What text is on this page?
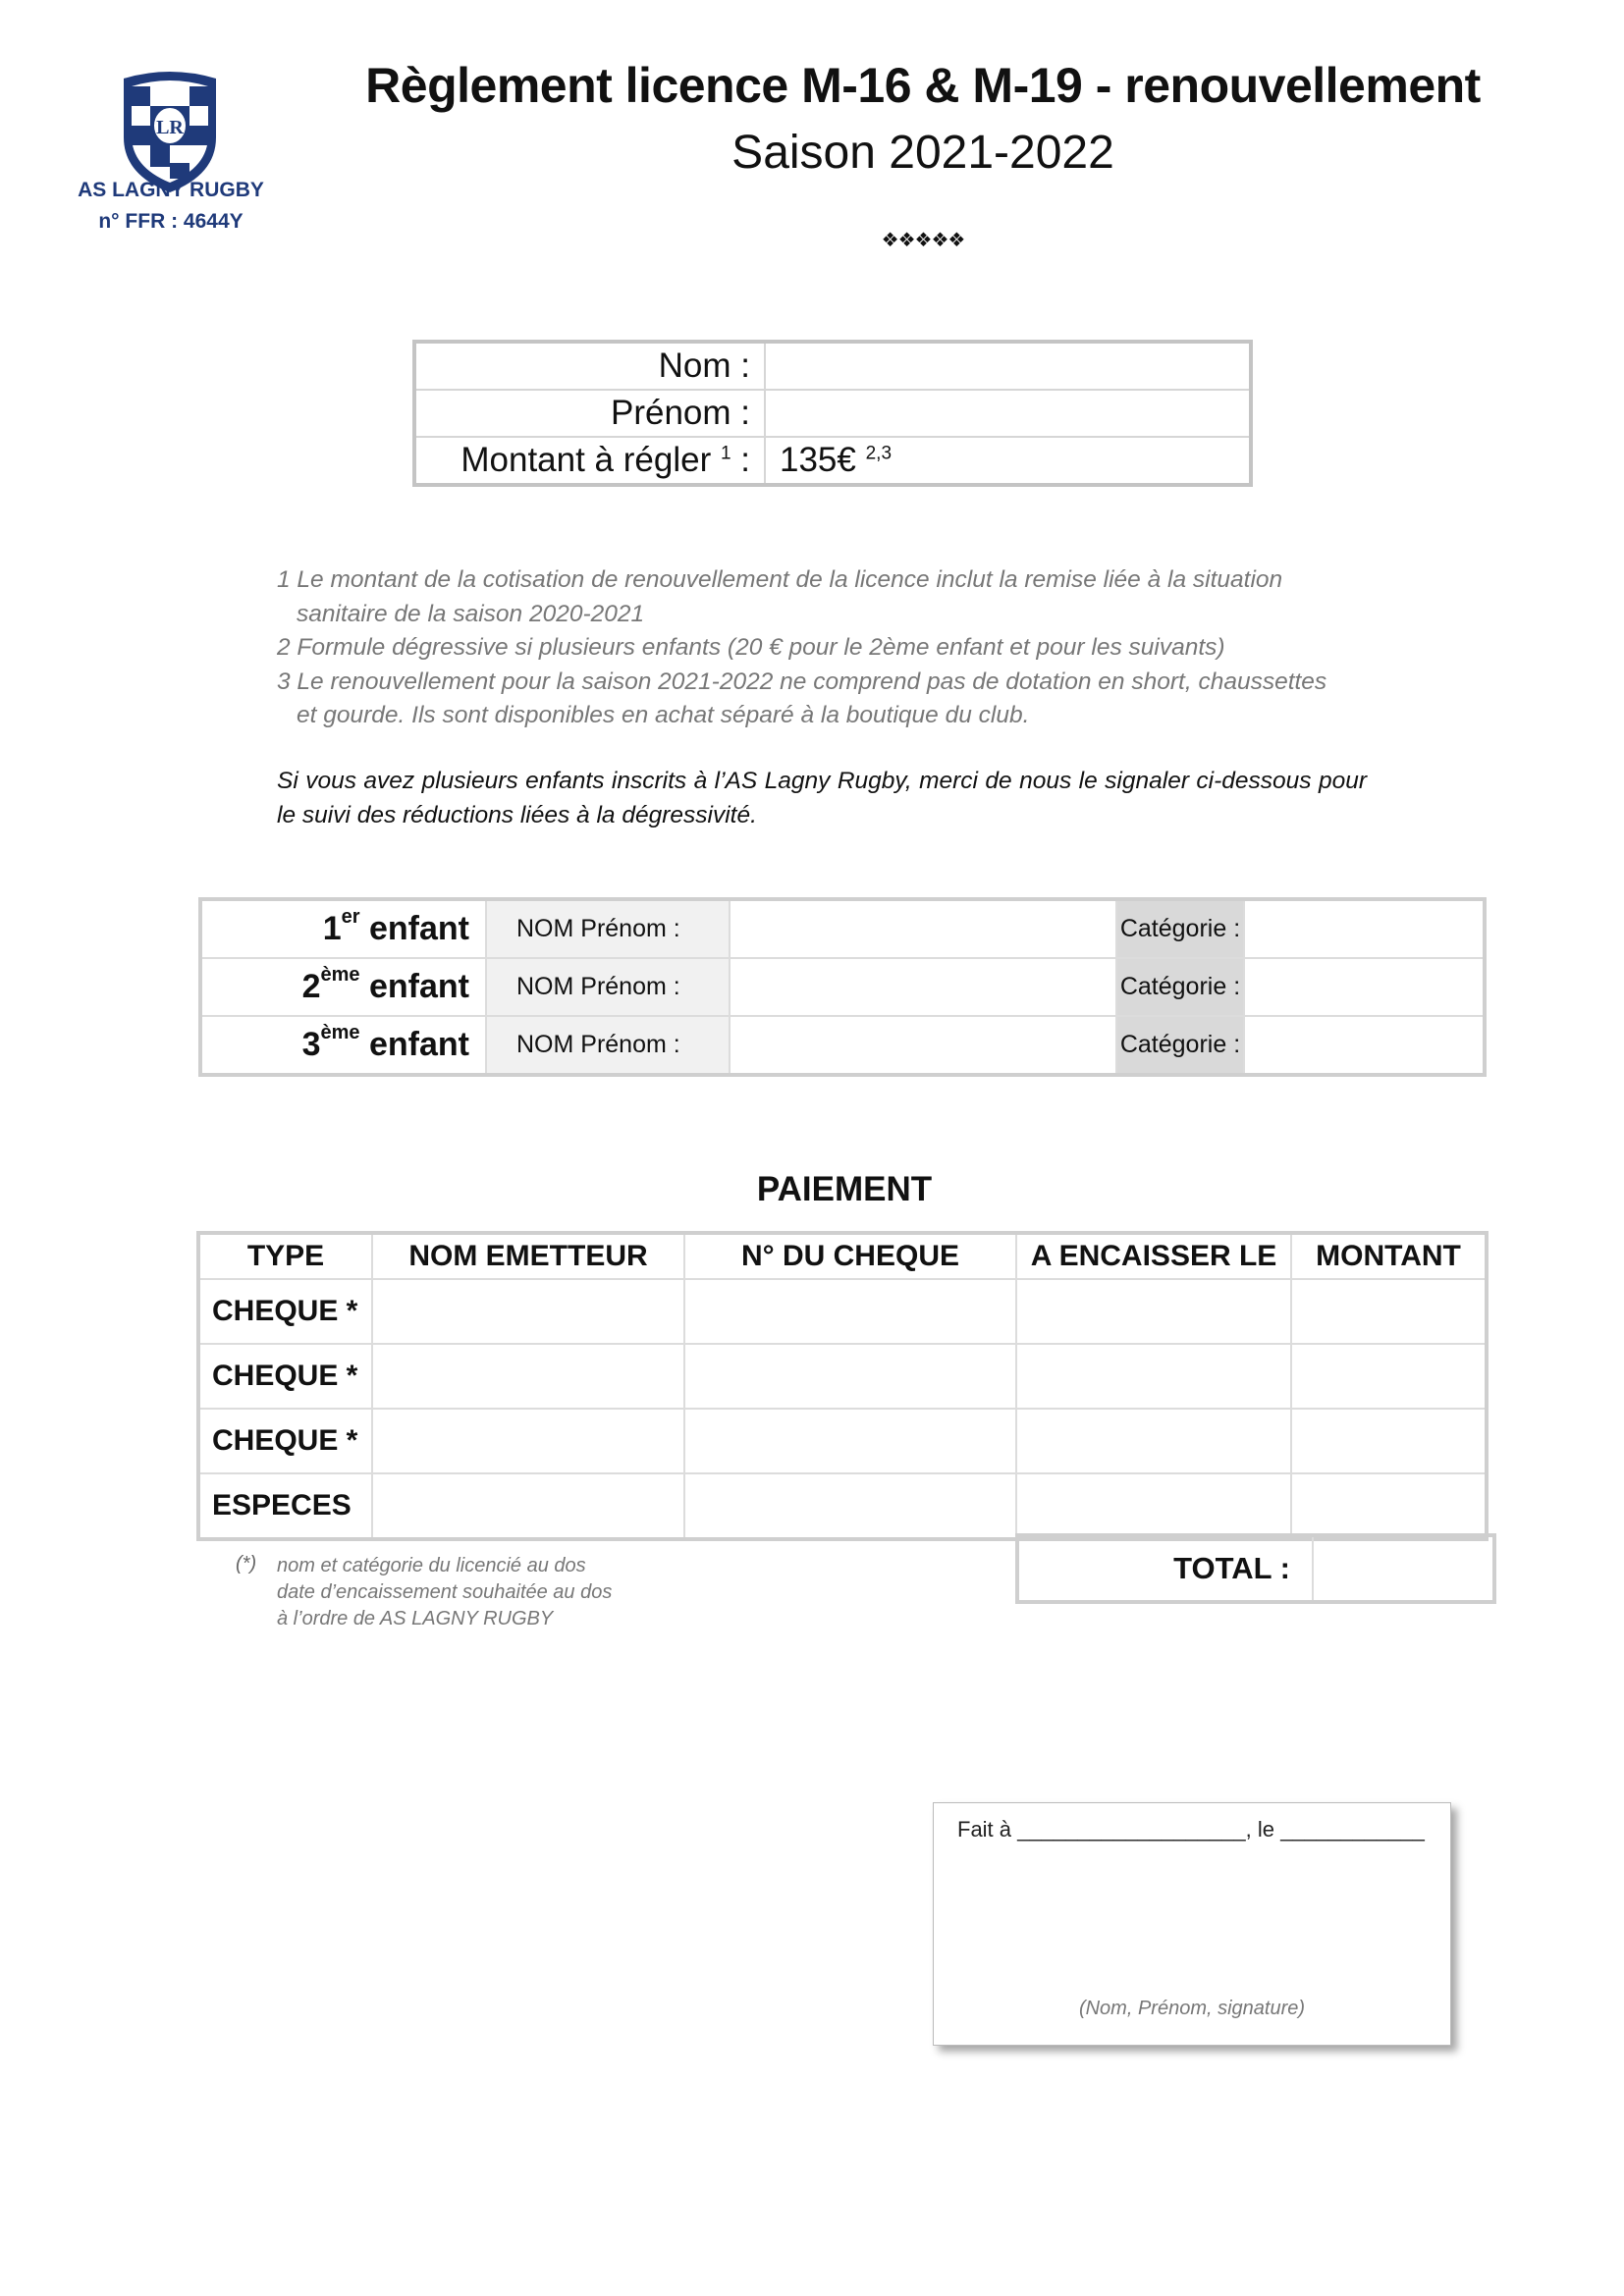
LR
AS LAGNY RUGBY
n° FFR : 4644Y
Règlement licence M-16 & M-19 - renouvellement
Saison 2021-2022
❖❖❖❖❖
Nom :	
Prénom :	
Montant à régler $^1$ :	135€ $^{2,3}$

1 Le montant de la cotisation de renouvellement de la licence inclut la remise liée à la situation

sanitaire de la saison 2020-2021

2 Formule dégressive si plusieurs enfants (20 € pour le 2ème enfant et pour les suivants)

3 Le renouvellement pour la saison 2021-2022 ne comprend pas de dotation en short, chaussettes

et gourde. Ils sont disponibles en achat séparé à la boutique du club.

Si vous avez plusieurs enfants inscrits à l’AS Lagny Rugby, merci de nous le signaler ci-dessous pour le suivi des réductions liées à la dégressivité.
1er enfant	NOM Prénom :		Catégorie :	
2ème enfant	NOM Prénom :		Catégorie :	
3ème enfant	NOM Prénom :		Catégorie :	
PAIEMENT
TYPE	NOM EMETTEUR	N° DU CHEQUE	A ENCAISSER LE	MONTANT
CHEQUE *				
CHEQUE *				
CHEQUE *				
ESPECES				
(*) nom et catégorie du licencié au dos

date d’encaissement souhaitée au dos

à l’ordre de AS LAGNY RUGBY

TOTAL :
Fait à ___________________, le ____________
(Nom, Prénom, signature)
